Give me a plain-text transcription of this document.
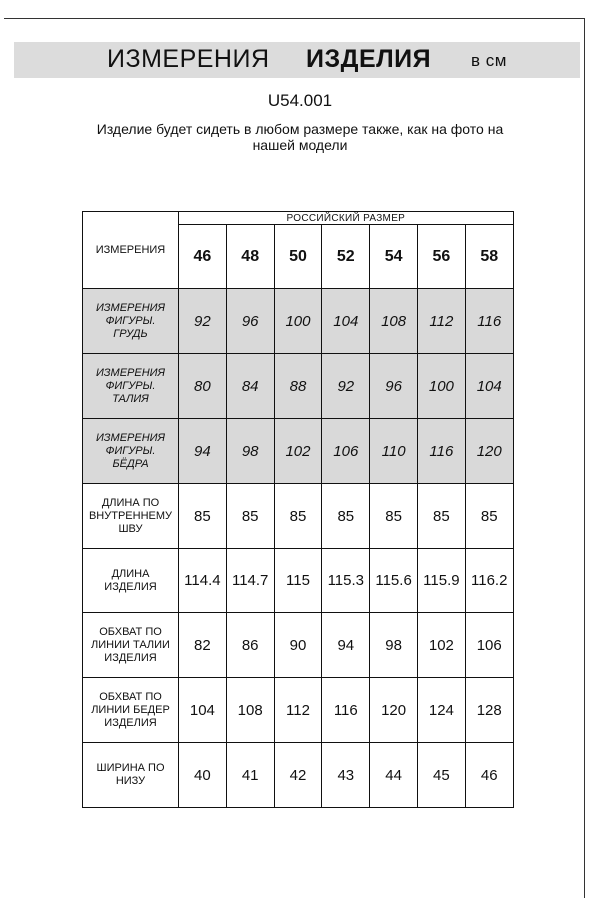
ИЗМЕРЕНИЯ ИЗДЕЛИЯ в см
U54.001
Изделие будет сидеть в любом размере также, как на фото на нашей модели
ИЗМЕРЕНИЯ	РОССИЙСКИЙ РАЗМЕР						
	46	48	50	52	54	56	58
ИЗМЕРЕНИЯ ФИГУРЫ. ГРУДЬ	92	96	100	104	108	112	116
ИЗМЕРЕНИЯ ФИГУРЫ. ТАЛИЯ	80	84	88	92	96	100	104
ИЗМЕРЕНИЯ ФИГУРЫ. БЁДРА	94	98	102	106	110	116	120
ДЛИНА ПО ВНУТРЕННЕМУ ШВУ	85	85	85	85	85	85	85
ДЛИНА ИЗДЕЛИЯ	114.4	114.7	115	115.3	115.6	115.9	116.2
ОБХВАТ ПО ЛИНИИ ТАЛИИ ИЗДЕЛИЯ	82	86	90	94	98	102	106
ОБХВАТ ПО ЛИНИИ БЕДЕР ИЗДЕЛИЯ	104	108	112	116	120	124	128
ШИРИНА ПО НИЗУ	40	41	42	43	44	45	46
